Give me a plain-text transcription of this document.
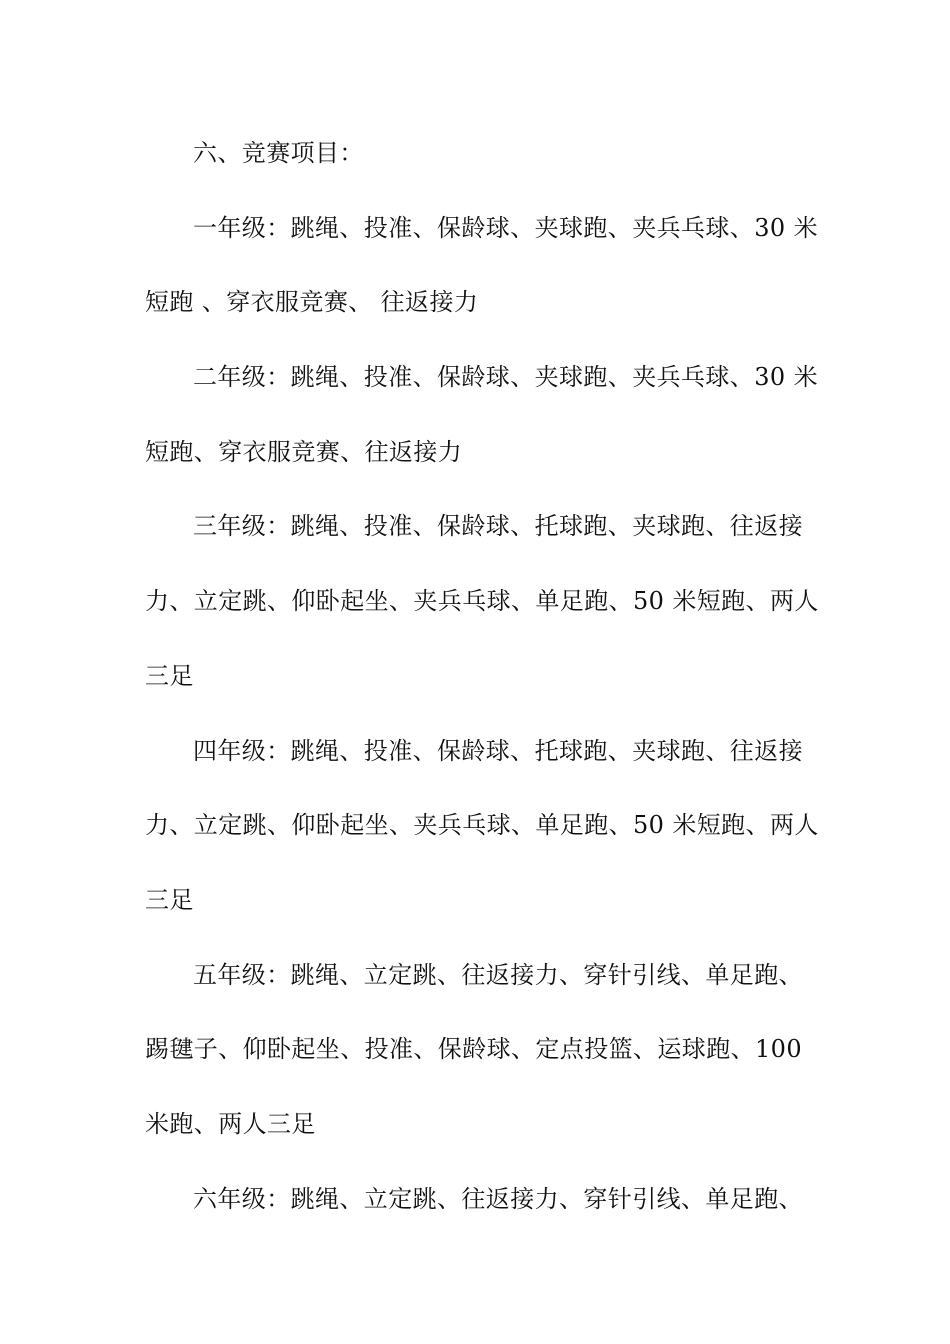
六、竞赛项目：
一年级：跳绳、投准、保龄球、夹球跑、夹兵乓球、30 米
短跑 、穿衣服竞赛、 往返接力
二年级：跳绳、投准、保龄球、夹球跑、夹兵乓球、30 米
短跑、穿衣服竞赛、往返接力
三年级：跳绳、投准、保龄球、托球跑、夹球跑、往返接
力、立定跳、仰卧起坐、夹兵乓球、单足跑、50 米短跑、两人
三足
四年级：跳绳、投准、保龄球、托球跑、夹球跑、往返接
力、立定跳、仰卧起坐、夹兵乓球、单足跑、50 米短跑、两人
三足
五年级：跳绳、立定跳、往返接力、穿针引线、单足跑、
踢毽子、仰卧起坐、投准、保龄球、定点投篮、运球跑、100
米跑、两人三足
六年级：跳绳、立定跳、往返接力、穿针引线、单足跑、
